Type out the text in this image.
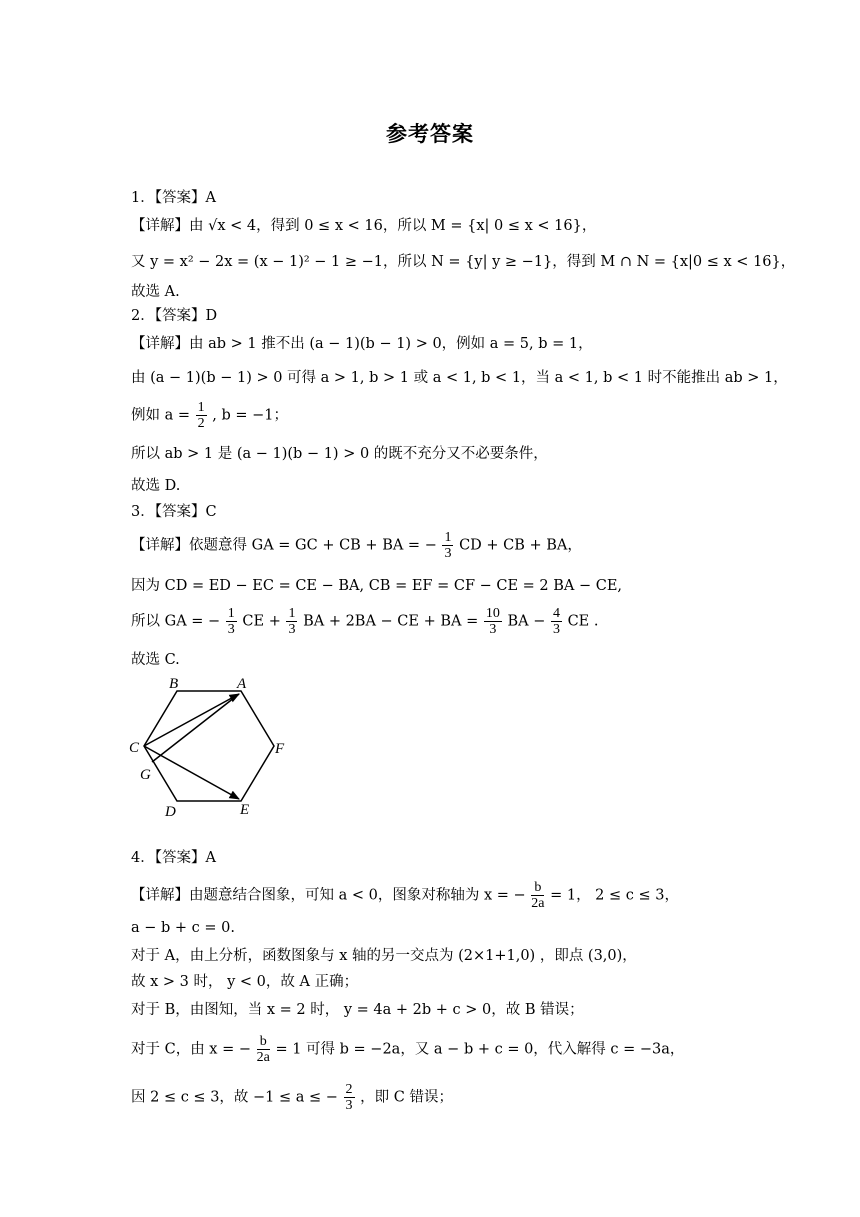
参考答案
1．【答案】A
【详解】由 √x < 4，得到 0 ≤ x < 16，所以 M = {x| 0 ≤ x < 16}，
又 y = x² − 2x = (x − 1)² − 1 ≥ −1，所以 N = {y| y ≥ −1}，得到 M ∩ N = {x|0 ≤ x < 16}，
故选 A.
2．【答案】D
【详解】由 ab > 1 推不出 (a − 1)(b − 1) > 0，例如 a = 5, b = 1，
由 (a − 1)(b − 1) > 0 可得 a > 1, b > 1 或 a < 1, b < 1，当 a < 1, b < 1 时不能推出 ab > 1，
例如 $a = \frac{1}{2}$ , b = −1；
所以 ab > 1 是 (a − 1)(b − 1) > 0 的既不充分又不必要条件，
故选 D.
3．【答案】C
【详解】依题意得 GA = GC + CB + BA = − $\frac{1}{3}$ CD + CB + BA，
因为 CD = ED − EC = CE − BA, CB = EF = CF − CE = 2 BA − CE,
所以 GA = − $\frac{1}{3}$ CE + $\frac{1}{3}$ BA + 2BA − CE + BA = $\frac{10}{3}$ BA − $\frac{4}{3}$ CE .
故选 C.
B	A
C	F
G
D	E
4．【答案】A
【详解】由题意结合图象，可知 a < 0，图象对称轴为 x = − $\frac{b}{2a} = 1$， 2 ≤ c ≤ 3，
a − b + c = 0.
对于 A，由上分析，函数图象与 x 轴的另一交点为 (2×1+1,0) ，即点 (3,0)，
故 x > 3 时， y < 0，故 A 正确；
对于 B，由图知，当 x = 2 时， y = 4a + 2b + c > 0，故 B 错误；
对于 C，由 x = − $\frac{b}{2a} = 1$ 可得 b = −2a，又 a − b + c = 0，代入解得 c = −3a，
因 2 ≤ c ≤ 3，故 −1 ≤ a ≤ − $\frac{2}{3}$ ，即 C 错误；
